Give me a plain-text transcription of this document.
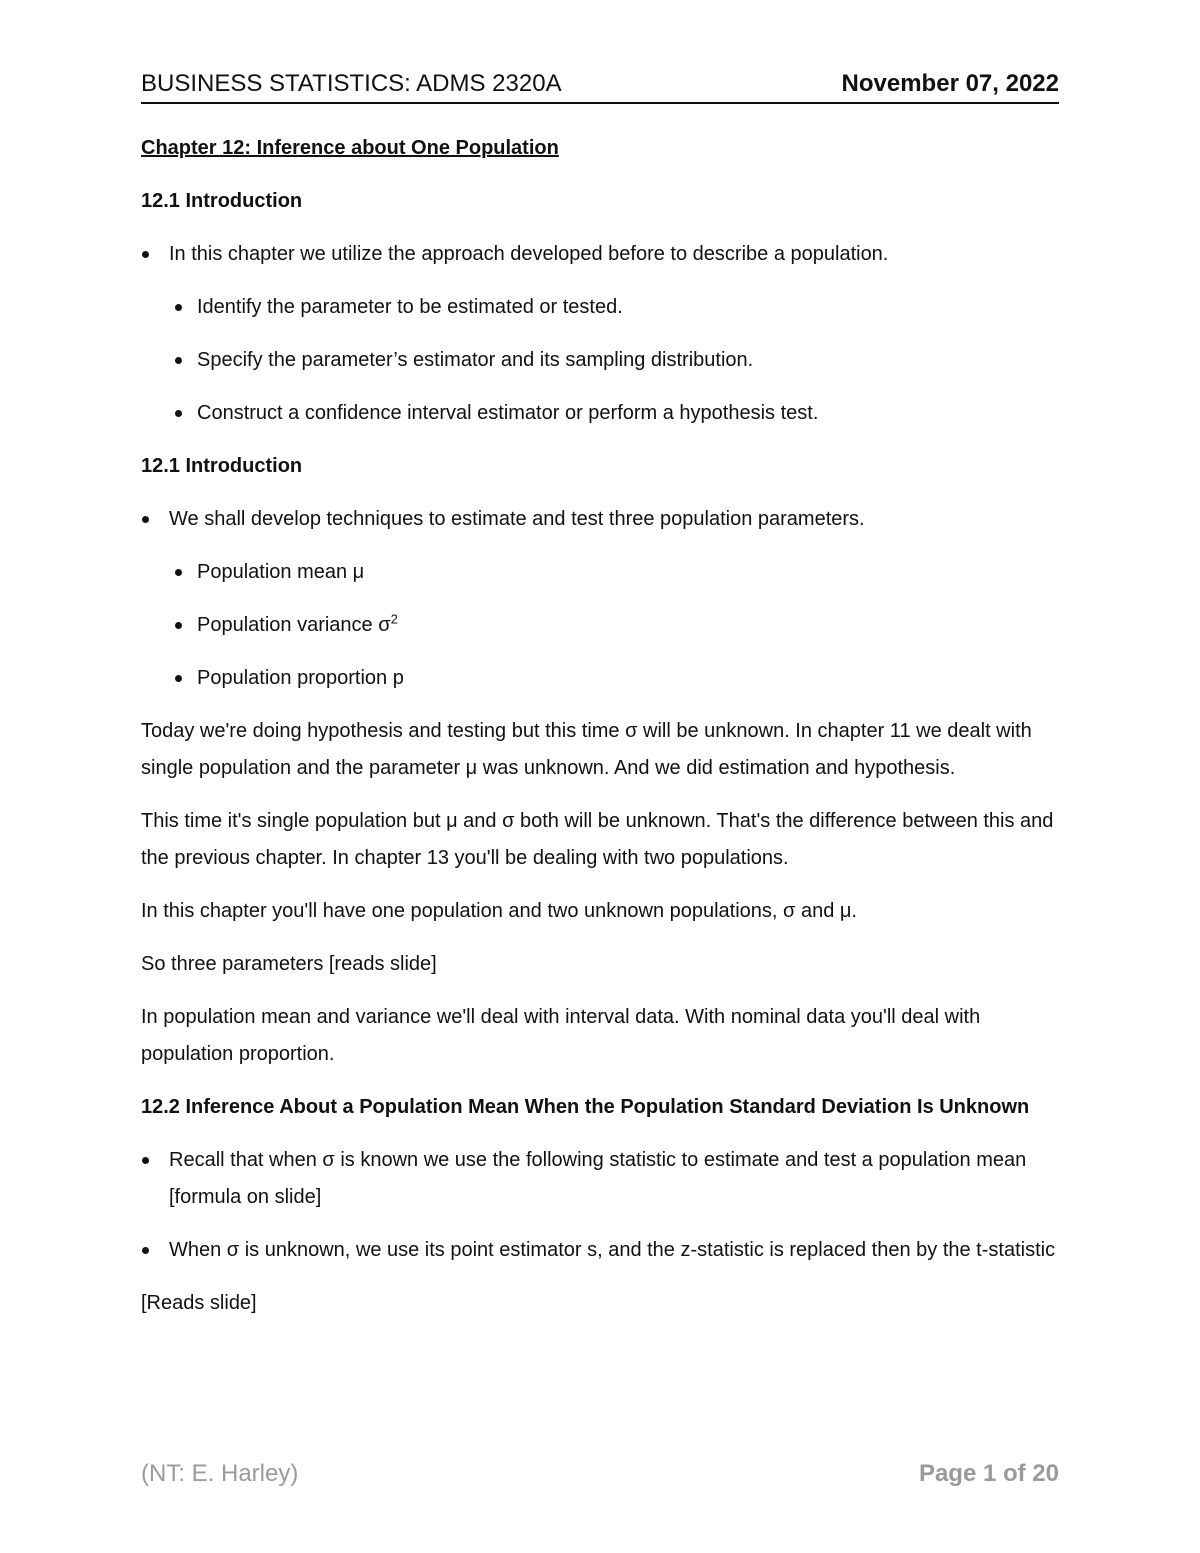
BUSINESS STATISTICS: ADMS 2320A	November 07, 2022
Chapter 12: Inference about One Population
12.1 Introduction
In this chapter we utilize the approach developed before to describe a population.
Identify the parameter to be estimated or tested.
Specify the parameter’s estimator and its sampling distribution.
Construct a confidence interval estimator or perform a hypothesis test.
12.1 Introduction
We shall develop techniques to estimate and test three population parameters.
Population mean μ
Population variance $\sigma^2$
Population proportion p

Today we're doing hypothesis and testing but this time σ will be unknown. In chapter 11 we dealt with single population and the parameter μ was unknown. And we did estimation and hypothesis.

This time it's single population but μ and σ both will be unknown. That's the difference between this and the previous chapter. In chapter 13 you'll be dealing with two populations.

In this chapter you'll have one population and two unknown populations, σ and μ.

So three parameters [reads slide]

In population mean and variance we'll deal with interval data. With nominal data you'll deal with population proportion.

12.2 Inference About a Population Mean When the Population Standard Deviation Is Unknown
Recall that when σ is known we use the following statistic to estimate and test a population mean [formula on slide]
When σ is unknown, we use its point estimator s, and the z-statistic is replaced then by the t-statistic

[Reads slide]

(NT: E. Harley)	Page 1 of 20
